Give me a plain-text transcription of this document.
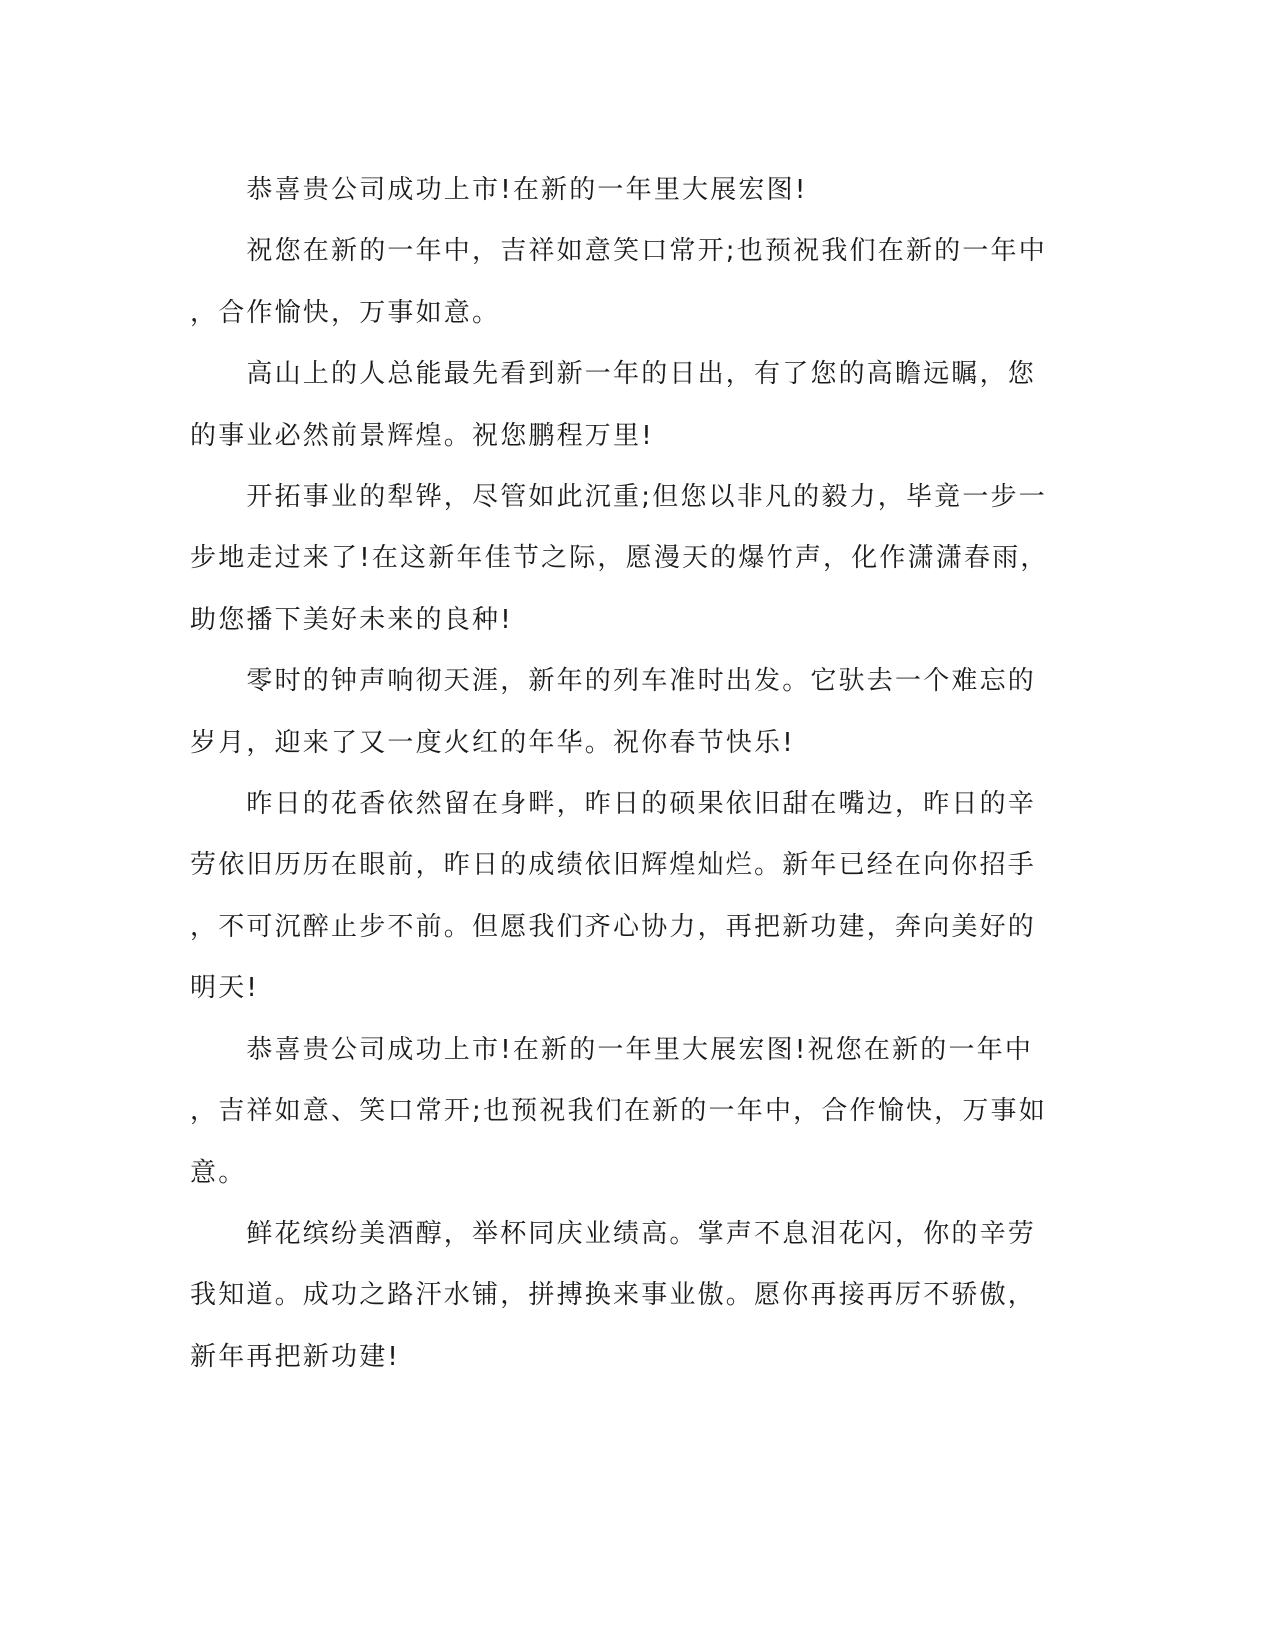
　　恭喜贵公司成功上市!在新的一年里大展宏图!

　　祝您在新的一年中，吉祥如意笑口常开;也预祝我们在新的一年中
，合作愉快，万事如意。

　　高山上的人总能最先看到新一年的日出，有了您的高瞻远瞩，您
的事业必然前景辉煌。祝您鹏程万里!

　　开拓事业的犁铧，尽管如此沉重;但您以非凡的毅力，毕竟一步一
步地走过来了!在这新年佳节之际，愿漫天的爆竹声，化作潇潇春雨，
助您播下美好未来的良种!

　　零时的钟声响彻天涯，新年的列车准时出发。它驮去一个难忘的
岁月，迎来了又一度火红的年华。祝你春节快乐!

　　昨日的花香依然留在身畔，昨日的硕果依旧甜在嘴边，昨日的辛
劳依旧历历在眼前，昨日的成绩依旧辉煌灿烂。新年已经在向你招手
，不可沉醉止步不前。但愿我们齐心协力，再把新功建，奔向美好的
明天!

　　恭喜贵公司成功上市!在新的一年里大展宏图!祝您在新的一年中
，吉祥如意、笑口常开;也预祝我们在新的一年中，合作愉快，万事如
意。

　　鲜花缤纷美酒醇，举杯同庆业绩高。掌声不息泪花闪，你的辛劳
我知道。成功之路汗水铺，拼搏换来事业傲。愿你再接再厉不骄傲，
新年再把新功建!
